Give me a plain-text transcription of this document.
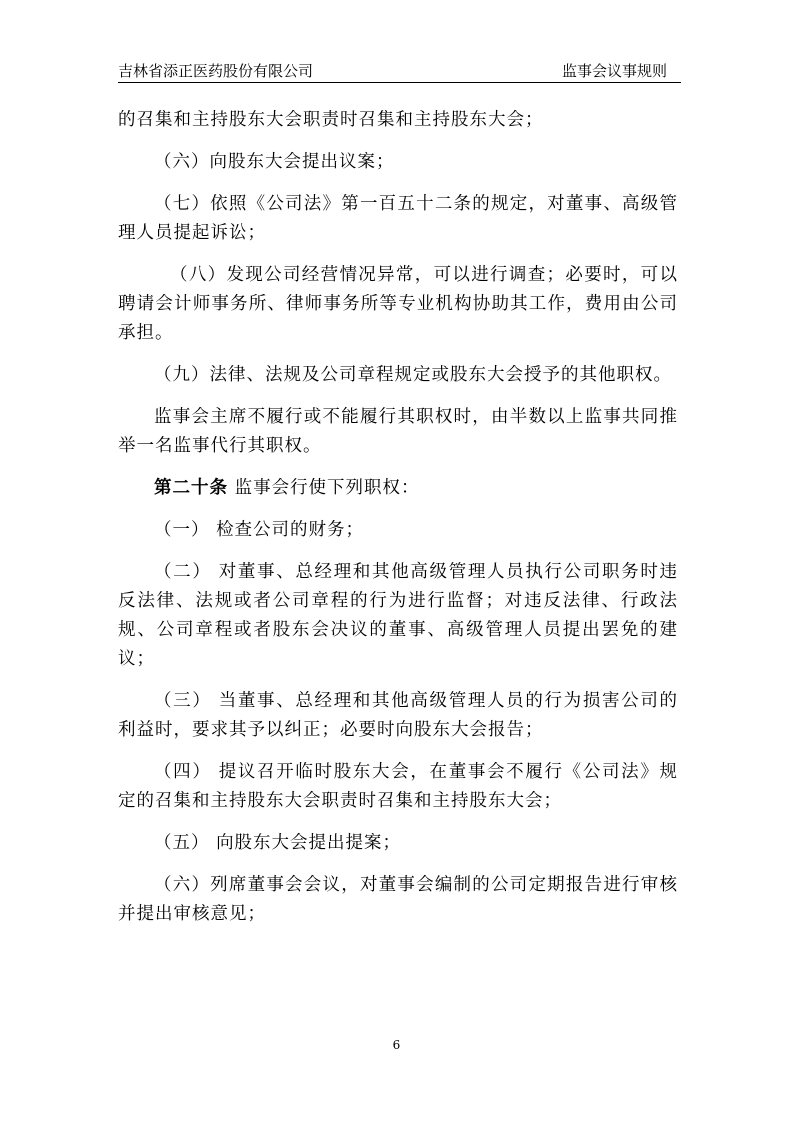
吉林省添正医药股份有限公司	监事会议事规则

的召集和主持股东大会职责时召集和主持股东大会；

（六）向股东大会提出议案；

（七）依照《公司法》第一百五十二条的规定，对董事、高级管理人员提起诉讼；

（八）发现公司经营情况异常，可以进行调查；必要时，可以聘请会计师事务所、律师事务所等专业机构协助其工作，费用由公司承担。

（九）法律、法规及公司章程规定或股东大会授予的其他职权。

监事会主席不履行或不能履行其职权时，由半数以上监事共同推举一名监事代行其职权。

第二十条 监事会行使下列职权：

（一） 检查公司的财务；

（二） 对董事、总经理和其他高级管理人员执行公司职务时违反法律、法规或者公司章程的行为进行监督；对违反法律、行政法规、公司章程或者股东会决议的董事、高级管理人员提出罢免的建议；

（三） 当董事、总经理和其他高级管理人员的行为损害公司的利益时，要求其予以纠正；必要时向股东大会报告；

（四） 提议召开临时股东大会，在董事会不履行《公司法》规定的召集和主持股东大会职责时召集和主持股东大会；

（五） 向股东大会提出提案；

（六）列席董事会会议，对董事会编制的公司定期报告进行审核并提出审核意见；

6
